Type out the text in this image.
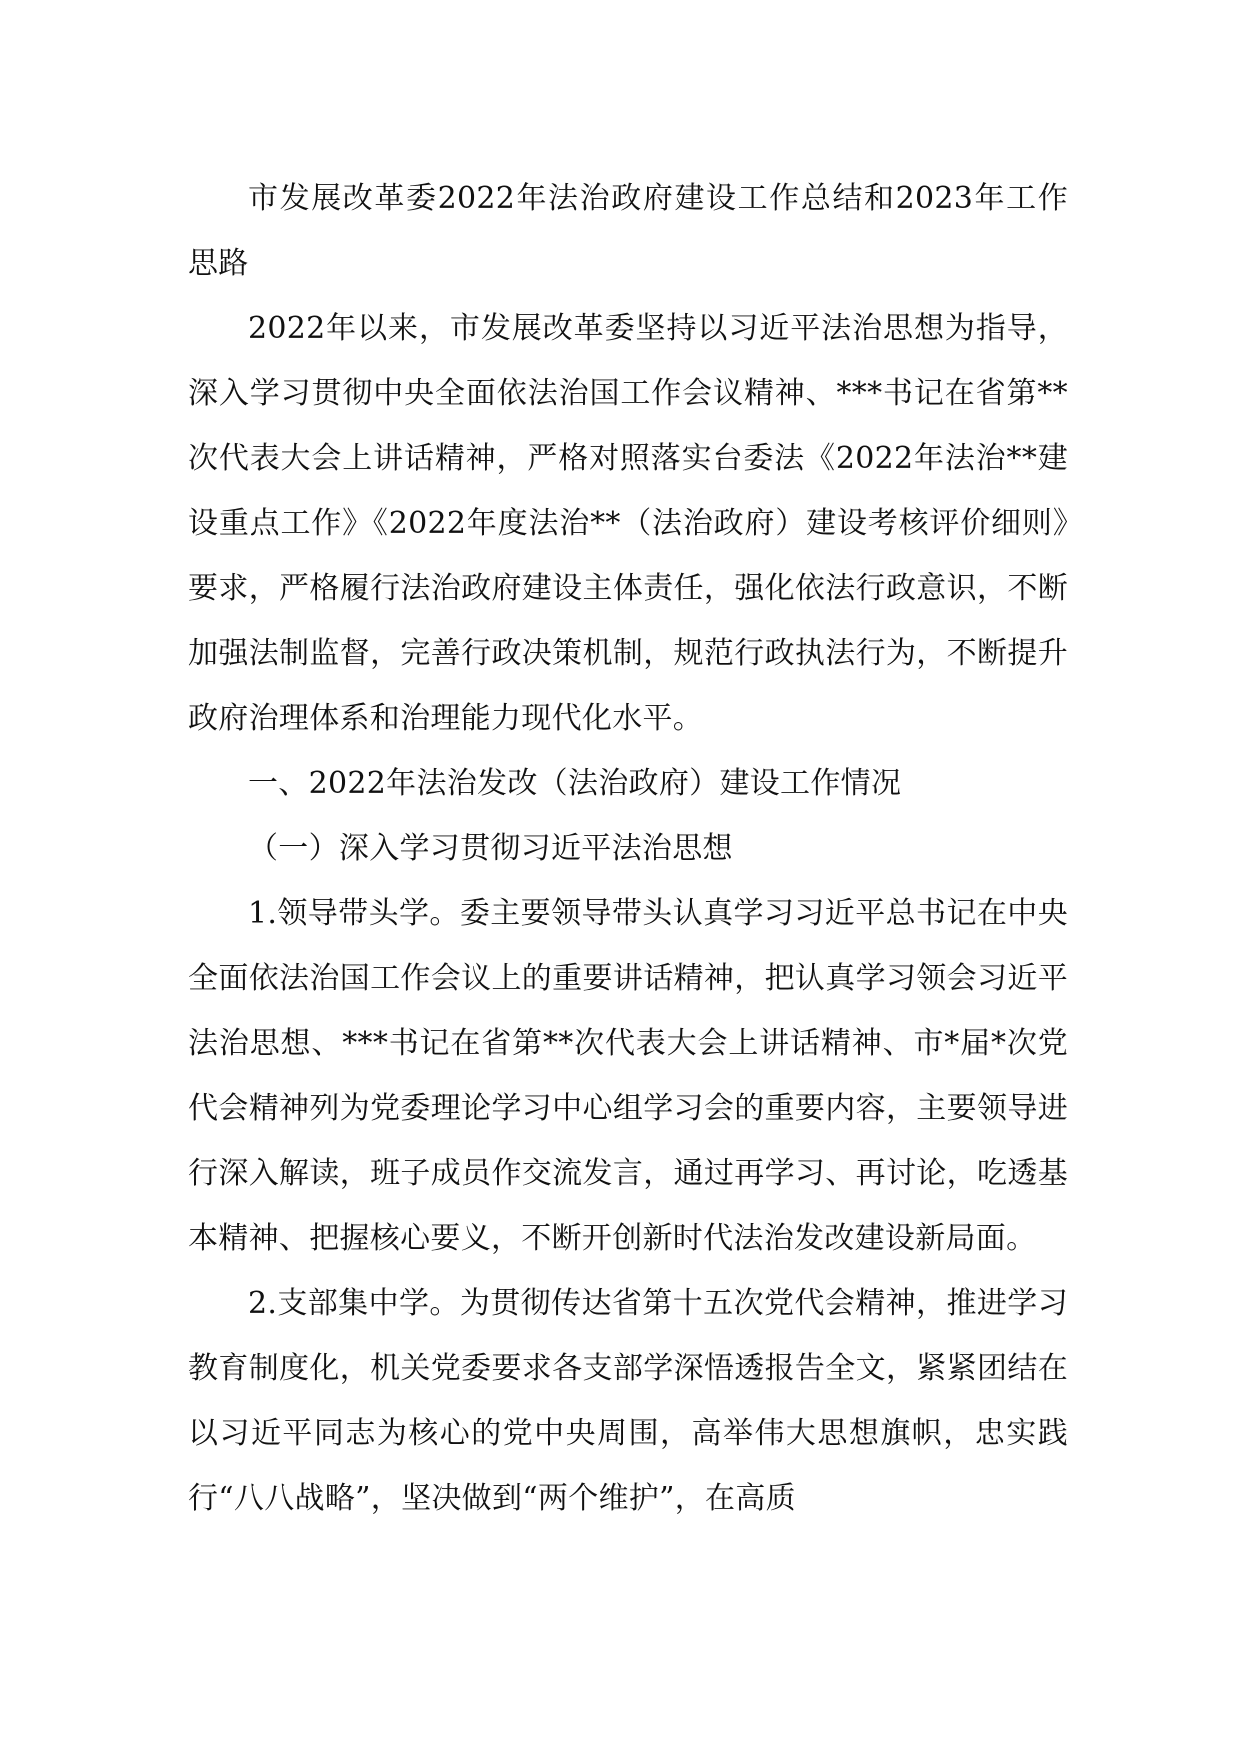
市发展改革委2022年法治政府建设工作总结和2023年工作思路

2022年以来，市发展改革委坚持以习近平法治思想为指导，深入学习贯彻中央全面依法治国工作会议精神、***书记在省第**次代表大会上讲话精神，严格对照落实台委法《2022年法治**建设重点工作》《2022年度法治**（法治政府）建设考核评价细则》要求，严格履行法治政府建设主体责任，强化依法行政意识，不断加强法制监督，完善行政决策机制，规范行政执法行为，不断提升政府治理体系和治理能力现代化水平。

一、2022年法治发改（法治政府）建设工作情况

（一）深入学习贯彻习近平法治思想

1.领导带头学。委主要领导带头认真学习习近平总书记在中央全面依法治国工作会议上的重要讲话精神，把认真学习领会习近平法治思想、***书记在省第**次代表大会上讲话精神、市*届*次党代会精神列为党委理论学习中心组学习会的重要内容，主要领导进行深入解读，班子成员作交流发言，通过再学习、再讨论，吃透基本精神、把握核心要义，不断开创新时代法治发改建设新局面。

2.支部集中学。为贯彻传达省第十五次党代会精神，推进学习教育制度化，机关党委要求各支部学深悟透报告全文，紧紧团结在以习近平同志为核心的党中央周围，高举伟大思想旗帜，忠实践行“八八战略”，坚决做到“两个维护”，在高质
